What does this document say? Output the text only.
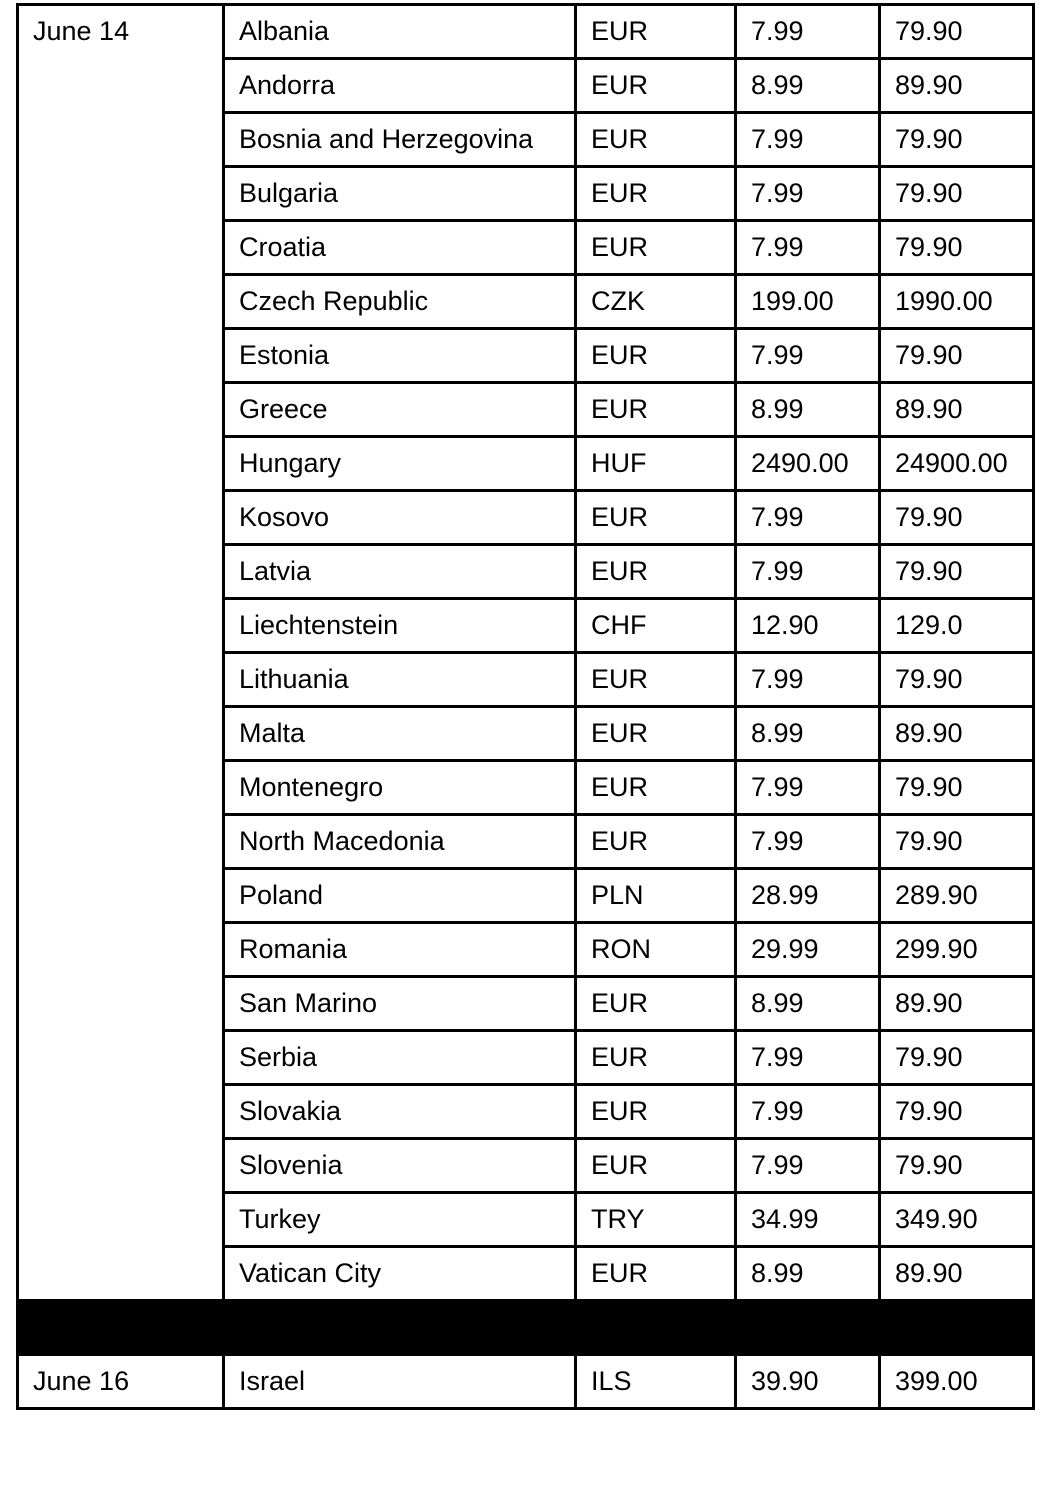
June 14	Albania	EUR	7.99	79.90
	Andorra	EUR	8.99	89.90
	Bosnia and Herzegovina	EUR	7.99	79.90
	Bulgaria	EUR	7.99	79.90
	Croatia	EUR	7.99	79.90
	Czech Republic	CZK	199.00	1990.00
	Estonia	EUR	7.99	79.90
	Greece	EUR	8.99	89.90
	Hungary	HUF	2490.00	24900.00
	Kosovo	EUR	7.99	79.90
	Latvia	EUR	7.99	79.90
	Liechtenstein	CHF	12.90	129.0
	Lithuania	EUR	7.99	79.90
	Malta	EUR	8.99	89.90
	Montenegro	EUR	7.99	79.90
	North Macedonia	EUR	7.99	79.90
	Poland	PLN	28.99	289.90
	Romania	RON	29.99	299.90
	San Marino	EUR	8.99	89.90
	Serbia	EUR	7.99	79.90
	Slovakia	EUR	7.99	79.90
	Slovenia	EUR	7.99	79.90
	Turkey	TRY	34.99	349.90
	Vatican City	EUR	8.99	89.90

June 16	Israel	ILS	39.90	399.00
